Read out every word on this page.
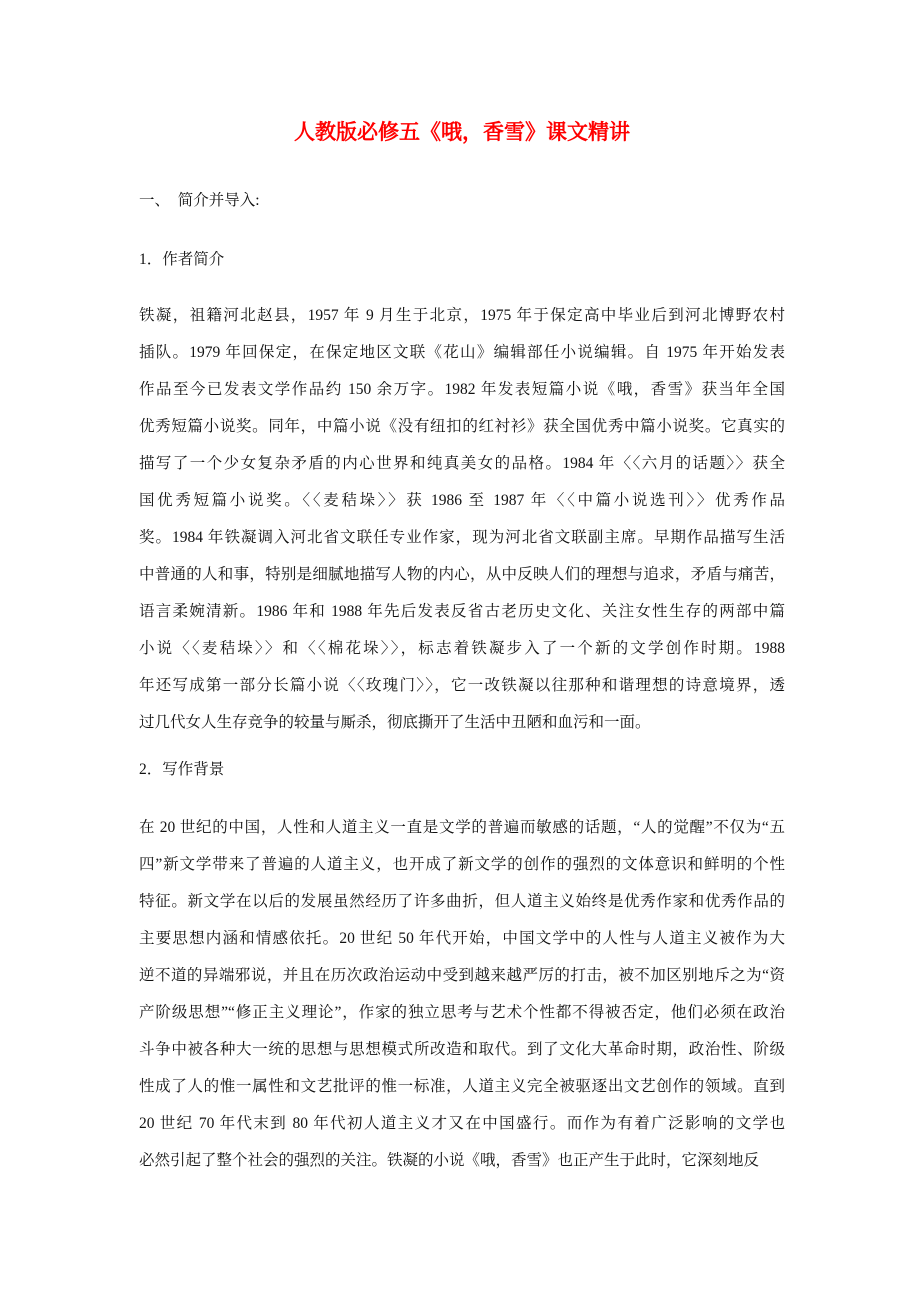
人教版必修五《哦，香雪》课文精讲
一、　简介并导入:
1．作者简介
铁凝，祖籍河北赵县，1957 年 9 月生于北京，1975 年于保定高中毕业后到河北博野农村
插队。1979 年回保定，在保定地区文联《花山》编辑部任小说编辑。自 1975 年开始发表
作品至今已发表文学作品约 150 余万字。1982 年发表短篇小说《哦，香雪》获当年全国
优秀短篇小说奖。同年，中篇小说《没有纽扣的红衬衫》获全国优秀中篇小说奖。它真实的
描写了一个少女复杂矛盾的内心世界和纯真美女的品格。1984 年〈〈六月的话题〉〉获全
国优秀短篇小说奖。〈〈麦秸垛〉〉获 1986 至 1987 年〈〈中篇小说选刊〉〉优秀作品
奖。1984 年铁凝调入河北省文联任专业作家，现为河北省文联副主席。早期作品描写生活
中普通的人和事，特别是细腻地描写人物的内心，从中反映人们的理想与追求，矛盾与痛苦，
语言柔婉清新。1986 年和 1988 年先后发表反省古老历史文化、关注女性生存的两部中篇
小说〈〈麦秸垛〉〉和〈〈棉花垛〉〉，标志着铁凝步入了一个新的文学创作时期。1988
年还写成第一部分长篇小说〈〈玫瑰门〉〉，它一改铁凝以往那种和谐理想的诗意境界，透
过几代女人生存竞争的较量与厮杀，彻底撕开了生活中丑陋和血污和一面。
2．写作背景
在 20 世纪的中国，人性和人道主义一直是文学的普遍而敏感的话题，“人的觉醒”不仅为“五
四”新文学带来了普遍的人道主义，也开成了新文学的创作的强烈的文体意识和鲜明的个性
特征。新文学在以后的发展虽然经历了许多曲折，但人道主义始终是优秀作家和优秀作品的
主要思想内涵和情感依托。20 世纪 50 年代开始，中国文学中的人性与人道主义被作为大
逆不道的异端邪说，并且在历次政治运动中受到越来越严厉的打击，被不加区别地斥之为“资
产阶级思想”“修正主义理论”，作家的独立思考与艺术个性都不得被否定，他们必须在政治
斗争中被各种大一统的思想与思想模式所改造和取代。到了文化大革命时期，政治性、阶级
性成了人的惟一属性和文艺批评的惟一标准，人道主义完全被驱逐出文艺创作的领域。直到
20 世纪 70 年代末到 80 年代初人道主义才又在中国盛行。而作为有着广泛影响的文学也
必然引起了整个社会的强烈的关注。铁凝的小说《哦，香雪》也正产生于此时，它深刻地反
